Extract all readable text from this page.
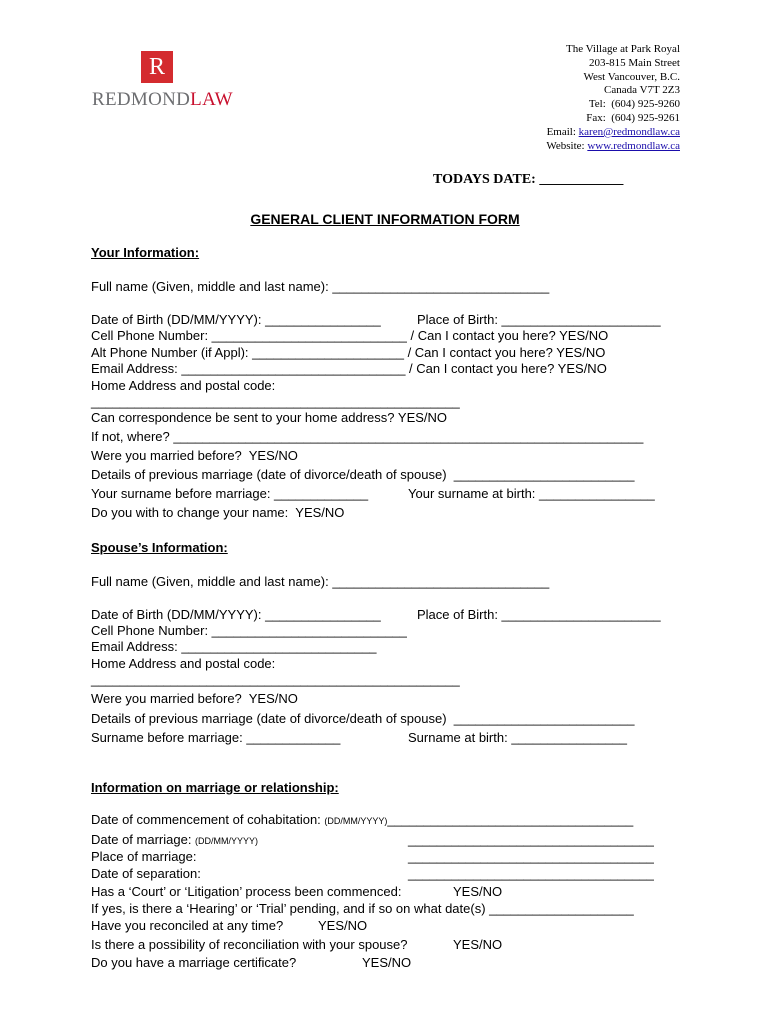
R
REDMONDLAW
The Village at Park Royal
203-815 Main Street
West Vancouver, B.C.
Canada V7T 2Z3
Tel:  (604) 925-9260
Fax:  (604) 925-9261
Email: karen@redmondlaw.ca
Website: www.redmondlaw.ca
TODAYS DATE: ____________
GENERAL CLIENT INFORMATION FORM
Your Information:
Full name (Given, middle and last name): ______________________________
Date of Birth (DD/MM/YYYY): ________________	Place of Birth: ______________________
Cell Phone Number: ___________________________ / Can I contact you here? YES/NO
Alt Phone Number (if Appl): _____________________ / Can I contact you here? YES/NO
Email Address: _______________________________ / Can I contact you here? YES/NO
Home Address and postal code:
___________________________________________________
Can correspondence be sent to your home address? YES/NO
If not, where? _________________________________________________________________
Were you married before?  YES/NO
Details of previous marriage (date of divorce/death of spouse)  _________________________
Your surname before marriage: _____________	Your surname at birth: ________________
Do you with to change your name:  YES/NO
Spouse’s Information:
Full name (Given, middle and last name): ______________________________
Date of Birth (DD/MM/YYYY): ________________	Place of Birth: ______________________
Cell Phone Number: ___________________________
Email Address: ___________________________
Home Address and postal code:
___________________________________________________
Were you married before?  YES/NO
Details of previous marriage (date of divorce/death of spouse)  _________________________
Surname before marriage: _____________	Surname at birth: ________________
Information on marriage or relationship:
Date of commencement of cohabitation: (DD/MM/YYYY)__________________________________
Date of marriage: (DD/MM/YYYY)	__________________________________
Place of marriage:	__________________________________
Date of separation:	__________________________________
Has a ‘Court’ or ‘Litigation’ process been commenced:	YES/NO
If yes, is there a ‘Hearing’ or ‘Trial’ pending, and if so on what date(s) ____________________
Have you reconciled at any time?	YES/NO
Is there a possibility of reconciliation with your spouse?	YES/NO
Do you have a marriage certificate?	YES/NO
